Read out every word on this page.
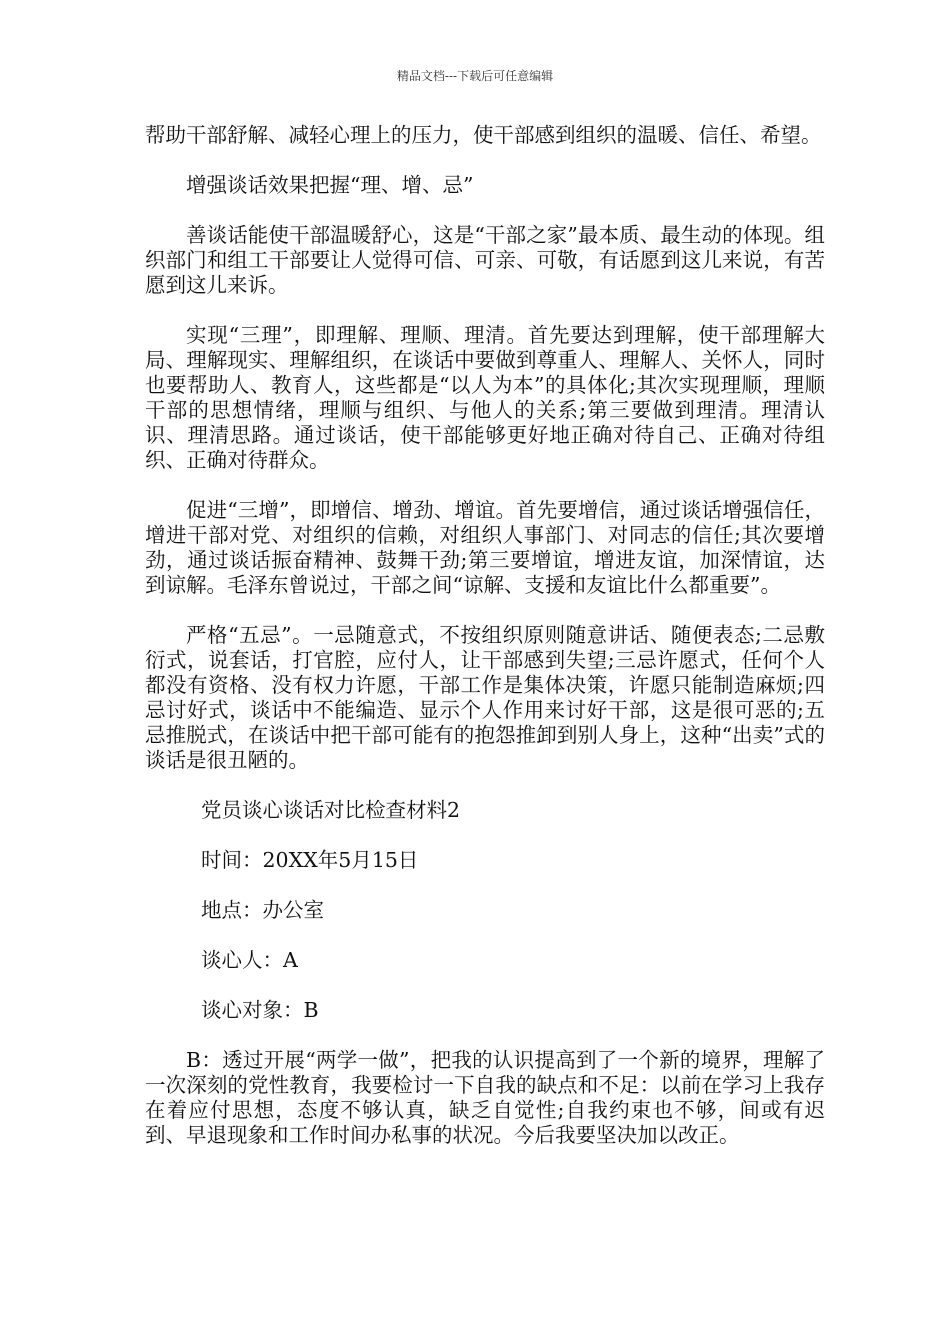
精品文档---下载后可任意编辑

帮助干部舒解、减轻心理上的压力，使干部感到组织的温暖、信任、希望。

增强谈话效果把握“理、增、忌”

善谈话能使干部温暖舒心，这是“干部之家”最本质、最生动的体现。组织部门和组工干部要让人觉得可信、可亲、可敬，有话愿到这儿来说，有苦愿到这儿来诉。

实现“三理”，即理解、理顺、理清。首先要达到理解，使干部理解大局、理解现实、理解组织，在谈话中要做到尊重人、理解人、关怀人，同时也要帮助人、教育人，这些都是“以人为本”的具体化;其次实现理顺，理顺干部的思想情绪，理顺与组织、与他人的关系;第三要做到理清。理清认识、理清思路。通过谈话，使干部能够更好地正确对待自己、正确对待组织、正确对待群众。

促进“三增”，即增信、增劲、增谊。首先要增信，通过谈话增强信任，增进干部对党、对组织的信赖，对组织人事部门、对同志的信任;其次要增劲，通过谈话振奋精神、鼓舞干劲;第三要增谊，增进友谊，加深情谊，达到谅解。毛泽东曾说过，干部之间“谅解、支援和友谊比什么都重要”。

严格“五忌”。一忌随意式，不按组织原则随意讲话、随便表态;二忌敷衍式，说套话，打官腔，应付人，让干部感到失望;三忌许愿式，任何个人都没有资格、没有权力许愿，干部工作是集体决策，许愿只能制造麻烦;四忌讨好式，谈话中不能编造、显示个人作用来讨好干部，这是很可恶的;五忌推脱式，在谈话中把干部可能有的抱怨推卸到别人身上，这种“出卖”式的谈话是很丑陋的。

党员谈心谈话对比检查材料2

时间：20XX年5月15日

地点：办公室

谈心人：A

谈心对象：B

B：透过开展“两学一做”，把我的认识提高到了一个新的境界，理解了一次深刻的党性教育，我要检讨一下自我的缺点和不足：以前在学习上我存在着应付思想，态度不够认真，缺乏自觉性;自我约束也不够，间或有迟到、早退现象和工作时间办私事的状况。今后我要坚决加以改正。
